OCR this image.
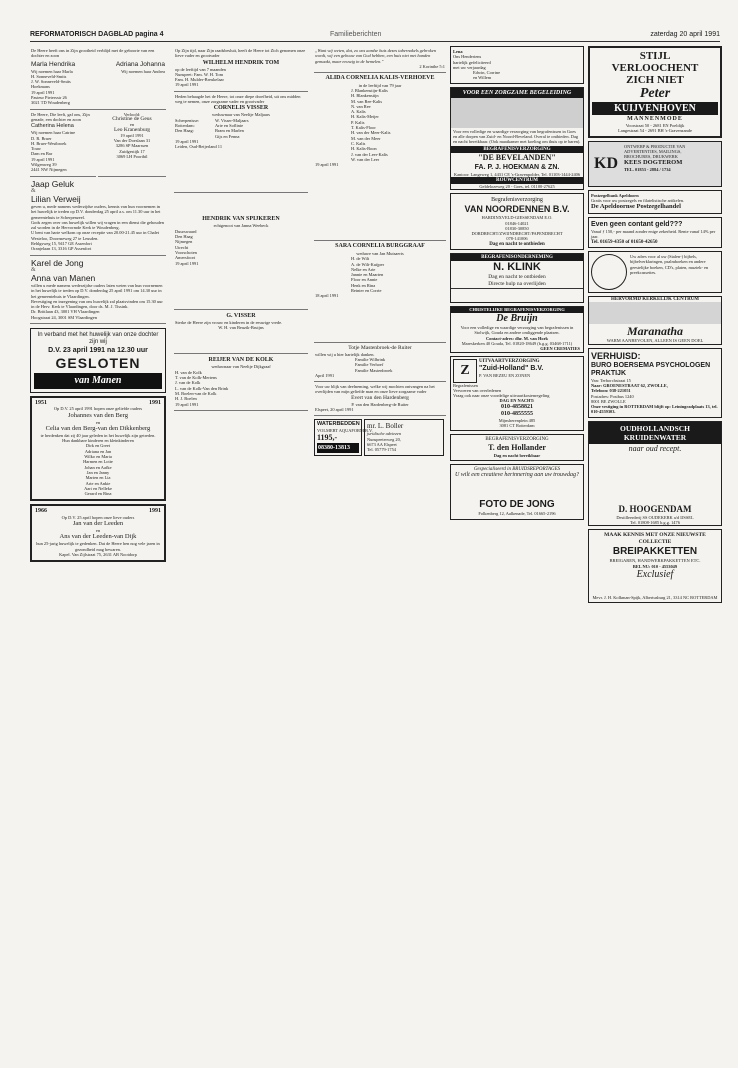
REFORMATORISCH DAGBLAD pagina 4	Familieberichten	zaterdag 20 april 1991
De Heere heeft ons in Zijn grootheid verblijd met de geboorte van een dochter en zoon
Marla Hendrika	Adriana Johanna
Wij noemen haar Marla	Wij noemen haar Andrea
H. Sonneveld-Smits
J. W. Sonneveld-Smits
Hoekmans
19 april 1991
Pasteur Pietersstr 26
3021 TD Woudenberg
De Heere, Die leeft, gaf ons, Zijn genade, een dochter en zoon
Catherina Helena
Wij noemen haar Catrine
D. R. Bruer
H. Bruer-Westbroek
Touw
Dam en Bar
19 april 1991
Wilgenweg 39
2441 NW Nijmegen
Verloofd:
Christine de Geus
en
Leo Kranenburg
19 april 1991
Van der Doeslaan 31
3286 SP Maarssen
Zuidgestijk 17
3069 LH Poortbil
Jaap Geluk
&
Lilian Verweij
geven u, mede namens wederzijdse ouders, kennis van hun voornemen in het huwelijk te treden op D.V. donderdag 25 april a.s. om 11.30 uur in het gemeentehuis te Scherpenzeel.
Gods zegen over ons huwelijk willen wij vragen in een dienst die gehouden zal worden in de Hervormde Kerk te Woudenberg.
U bent van harte welkom op onze receptie van 20.00-21.45 uur in Chalet Westeloo, Doornseweg 27 te Leusden.
Rehlgsweg 15, 9417 GE Assenfort
Oranjelaan 13, 3316 GP Assenfort
Karel de Jong
&
Anna van Manen
willen u mede namens wederzijdse ouders laten weten van hun voornemen in het huwelijk te treden op D.V. donderdag 25 april 1991 om 14.30 uur in het gemeentehuis te Vlaardingen.
Bevestiging en inzegening van ons huwelijk zal plaatsvinden om 15.30 uur in de Herv. Kerk te Vlaardingen, door ds. M. J. Tissink.
Dr. Brittlaan 43, 3001 VH Vlaardingen
Hoogstraat 24, 3001 SM Vlaardingen
In verband met het huwelijk van onze dochter zijn wij
D.V. 23 april 1991 na 12.30 uur
GESLOTEN
van Manen
1951	1991
Op D.V. 25 april 1991 hopen onze geliefde ouders
Johannes van den Berg
en
Celia van den Berg-van den Dikkenberg
te herdenken dat zij 40 jaar geleden in het huwelijk zijn getreden.
Hun dankbare kinderen en kleinkinderen
Dirk en Greet
Adriana en Jan
Wilko en Maria
Harmen en Lotte
Johan en Aafke
Jan en Janny
Marten en Lia
Arie en Ankie
Aart en Nelleke
Gerard en Rina
1966	1991
Op D.V. 25 april hopen onze lieve ouders
Jan van der Leeden
en
Ans van der Leeden-van Dijk
hun 25-jarig huwelijk te gedenken. Dat de Heere hen nog vele jaren in gezondheid mag bewaren.
Kapel. Van Zijlstraat 75, 2631 AB Nootdorp
Op Zijn tijd, naar Zijn raadsbesluit, heeft de Heere tot Zich genomen onze lieve vader en grootvader
WILHELM HENDRIK TOM
op de leeftijd van 7 maanden
Nunspeet: Fam. W. H. Tom
Fam. H. Mulder-Breukelaar
19 april 1991
Heden behaagde het de Heere, tot onze diepe droefheid, uit ons midden weg te nemen, onze zorgzame vader en grootvader
CORNELIS VISSER
weduwnaar van Neeltje Maljaars
Scherpenisse:
Rotterdam:
Den Haag:
W. Visser-Maljaars
Arie en Soflinie
Bram en Marlen
Gijs en Fenna
19 april 1991
Leiden, Oud-Beijerland 11
HENDRIK VAN SPIJKEREN
echtgenoot van Janna Weebeck
Duurswaard
Den Haag
Nijmegen
Utrecht
Voorschoten
Amersfoort
19 april 1991
G. VISSER
Sterke de Heere zijn vrouw en kinderen in de eeuwige vrede.
W. H. van Beuzik-Bruijns
REIJER VAN DE KOLK
weduwnaar van Neeltje Dijkgraaf
H. van de Kolk
T. van de Kolk-Mertens
J. van de Kolk
L. van de Kolk-Van den Brink
M. Boelen-van de Kolk
H. J. Boelen
19 april 1991
„Want wij weten, dat, zo ons aardse huis dezes tabernakels gebroken wordt, wij een gebouw van God hebben, een huis niet met handen gemaakt, maar eeuwig in de hemelen."
2 Korinthe 5:1
ALIDA CORNELIA KALIS-VERHOEVE
in de leeftijd van 79 jaar
J. Blankenstijn-Kalis
H. Blankenstijn
M. van Ree-Kalis
N. van Ree
A. Kalis
H. Kalis-Meijer
P. Kalis
T. Kalis-Floor
H. van der Meer-Kalis
M. van der Meer
C. Kalis
H. Kalis-Boon
J. van der Leer-Kalis
W. van der Leer
19 april 1991
SARA CORNELIA BURGGRAAF
weduwe van Jan Mutsaerts
H. de Wilt
A. de Wilt-Kuijper
Nelke en Arie
Jannie en Maarten
Floor en Annie
Henk en Rina
Reinier en Corrie
18 april 1991
Totje Mastenbroek-de Ruiter
willen wij u hier hartelijk danken.
Familie Wilbrink
Familie Verhoef
Familie Mastenbroek
April 1991
Voor uw blijk van deelneming, welke wij mochten ontvangen na het overlijden van mijn geliefde man en onze lieve zorgzame vader
Evert van den Hardenberg
P. van den Hardenberg-de Ruiter
Elspeet, 20 april 1991
WATERBEDDEN
VOLMERT AQUAFORM B.V.
1195,-
08380-13813
mr. L. Boller
juridische adviezen
Nunspeeterweg 20,
6673 AA Elspeet
Tel. 05779-1754
Lena
Ons Henderiens
hartelijk gefeliciteerd
met uw verjaardag
Edwin, Corrine
en Willem
VOOR EEN ZORGZAME BEGELEIDING
Voor een volledige en waardige verzorging van begrafenissen in Goes en alle dorpen van Zuid- en Noord-Beveland. Overal te ontbieden. Dag en nacht bereikbaar. (Ook maatkamer met koeling om thuis op te baren).
BEGRAFENISVERZORGING
"DE BEVELANDEN"
FA. P. J. HOEKMAN & ZN.
Kantoor: Langeweg 1, 4431 CE 's-Gravenpolder, Tel. 01103-1444-2406
ROUWCENTRUM
Geldelozeweg 20 - Goes, tel. 01100-27625
Begrafenisverzorging
VAN NOORDENNEN B.V.
HARDINXVELD-GIESSENDAM E.O.
01846-14021
01830-30850
DORDRECHT/ZWIJNDRECHT/PAPENDRECHT
078-141006
Dag en nacht te ontbieden
BEGRAFENISONDERNEMING
N. KLINK
Dag en nacht te ontbieden
Directe hulp na overlijden
CHRISTELIJKE BEGRAFENISVERZORGING
De Bruijn
Voor een volledige en waardige verzorging van begrafenissen in Stolwijk, Gouda en andere omliggende plaatsen.
Contact-adres: dhr. M. van Hork
Mareskerken 40 Gouda, Tel. 01820-18649 (b.g.g. 03468-1711)
GEEN CREMATIES
Z
UITVAARTVERZORGING
"Zuid-Holland" B.V.
P. VAN BEZEU EN ZONEN
Begrafenissen
Vervoeren van overledenen
Vraag ook naar onze voordelige uitvaartkostenregeling
DAG EN NACHT:
010-4858821
010-4855555
Mijnsherenplein 485
3081 CT Rotterdam
BEGRAFENISVERZORGING
T. den Hollander
Dag en nacht bereikbaar
Gespecialiseerd in BRUIDSREPORTAGES
U wilt een creatieve herinnering aan uw trouwdag?
FOTO DE JONG
Folkenberg 12, Aalkenade, Tel. 01665-2196
STIJL
VERLOOCHENT
ZICH NIET
Peter
KUIJVENHOVEN
MANNENMODE
Voorstraat 50 - 2681 EN Poeldijk
Langestraat 54 - 2691 BH 's-Gravenzande
KD
ONTWERP & PRODUCTIE VAN
ADVERTENTIES, MAILINGS,
BROCHURES, DRUKWERK
KEES DOGTEROM
TEL. 01853 - 2884 / 1734
Postzegelbank Apeldoorn
Gratis voor uw postzegels en filatelistische artikelen.
De Apeldoornse Postzegelhandel
Even geen contant geld???
Vanaf ƒ 150,- per maand zonder enige zekerheid. Rente vanaf 14% per jaar.
Tel. 01659-4350 of 01650-42650
Uw adres voor al uw (Stalen-) bijbels, bijbelverklaringen, psalmboeken en andere geestelijke boeken, CD's, platen, muziek- en preekcassettes.
HERVORMD KERKELIJK CENTRUM
Maranatha
WARM AANBEVOLEN, ALLEEN IS GEEN DOEL
VERHUISD:
BURO BOERSEMA PSYCHOLOGEN PRAKTIJK
Van: Terborchstraat 15
Naar: GROENESTRAAT 62, ZWOLLE,
Telefoon: 038-221051
Postadres: Postbus 1240
8001 BE ZWOLLE
Onze vestiging in ROTTERDAM blijft op: Leiningradplaats 13, tel. 010-4559303.
OUDHOLLANDSCH KRUIDENWATER
naar oud recept.
D. HOOGENDAM
Destilleerderij SS OUDEKERK a/d IJSSEL
Tel. 01808-1685 b.g.g. 1476
MAAK KENNIS MET ONZE NIEUWSTE COLLECTIE
BREIPAKKETTEN
BREIGAREN, HANDWERKPAKKETTEN ETC.
BEL NU: 010 - 4553049
Exclusief
Mevr. J. H. Kolkman-Spijk, Albertusburg 21, 3314 NC ROTTERDAM
